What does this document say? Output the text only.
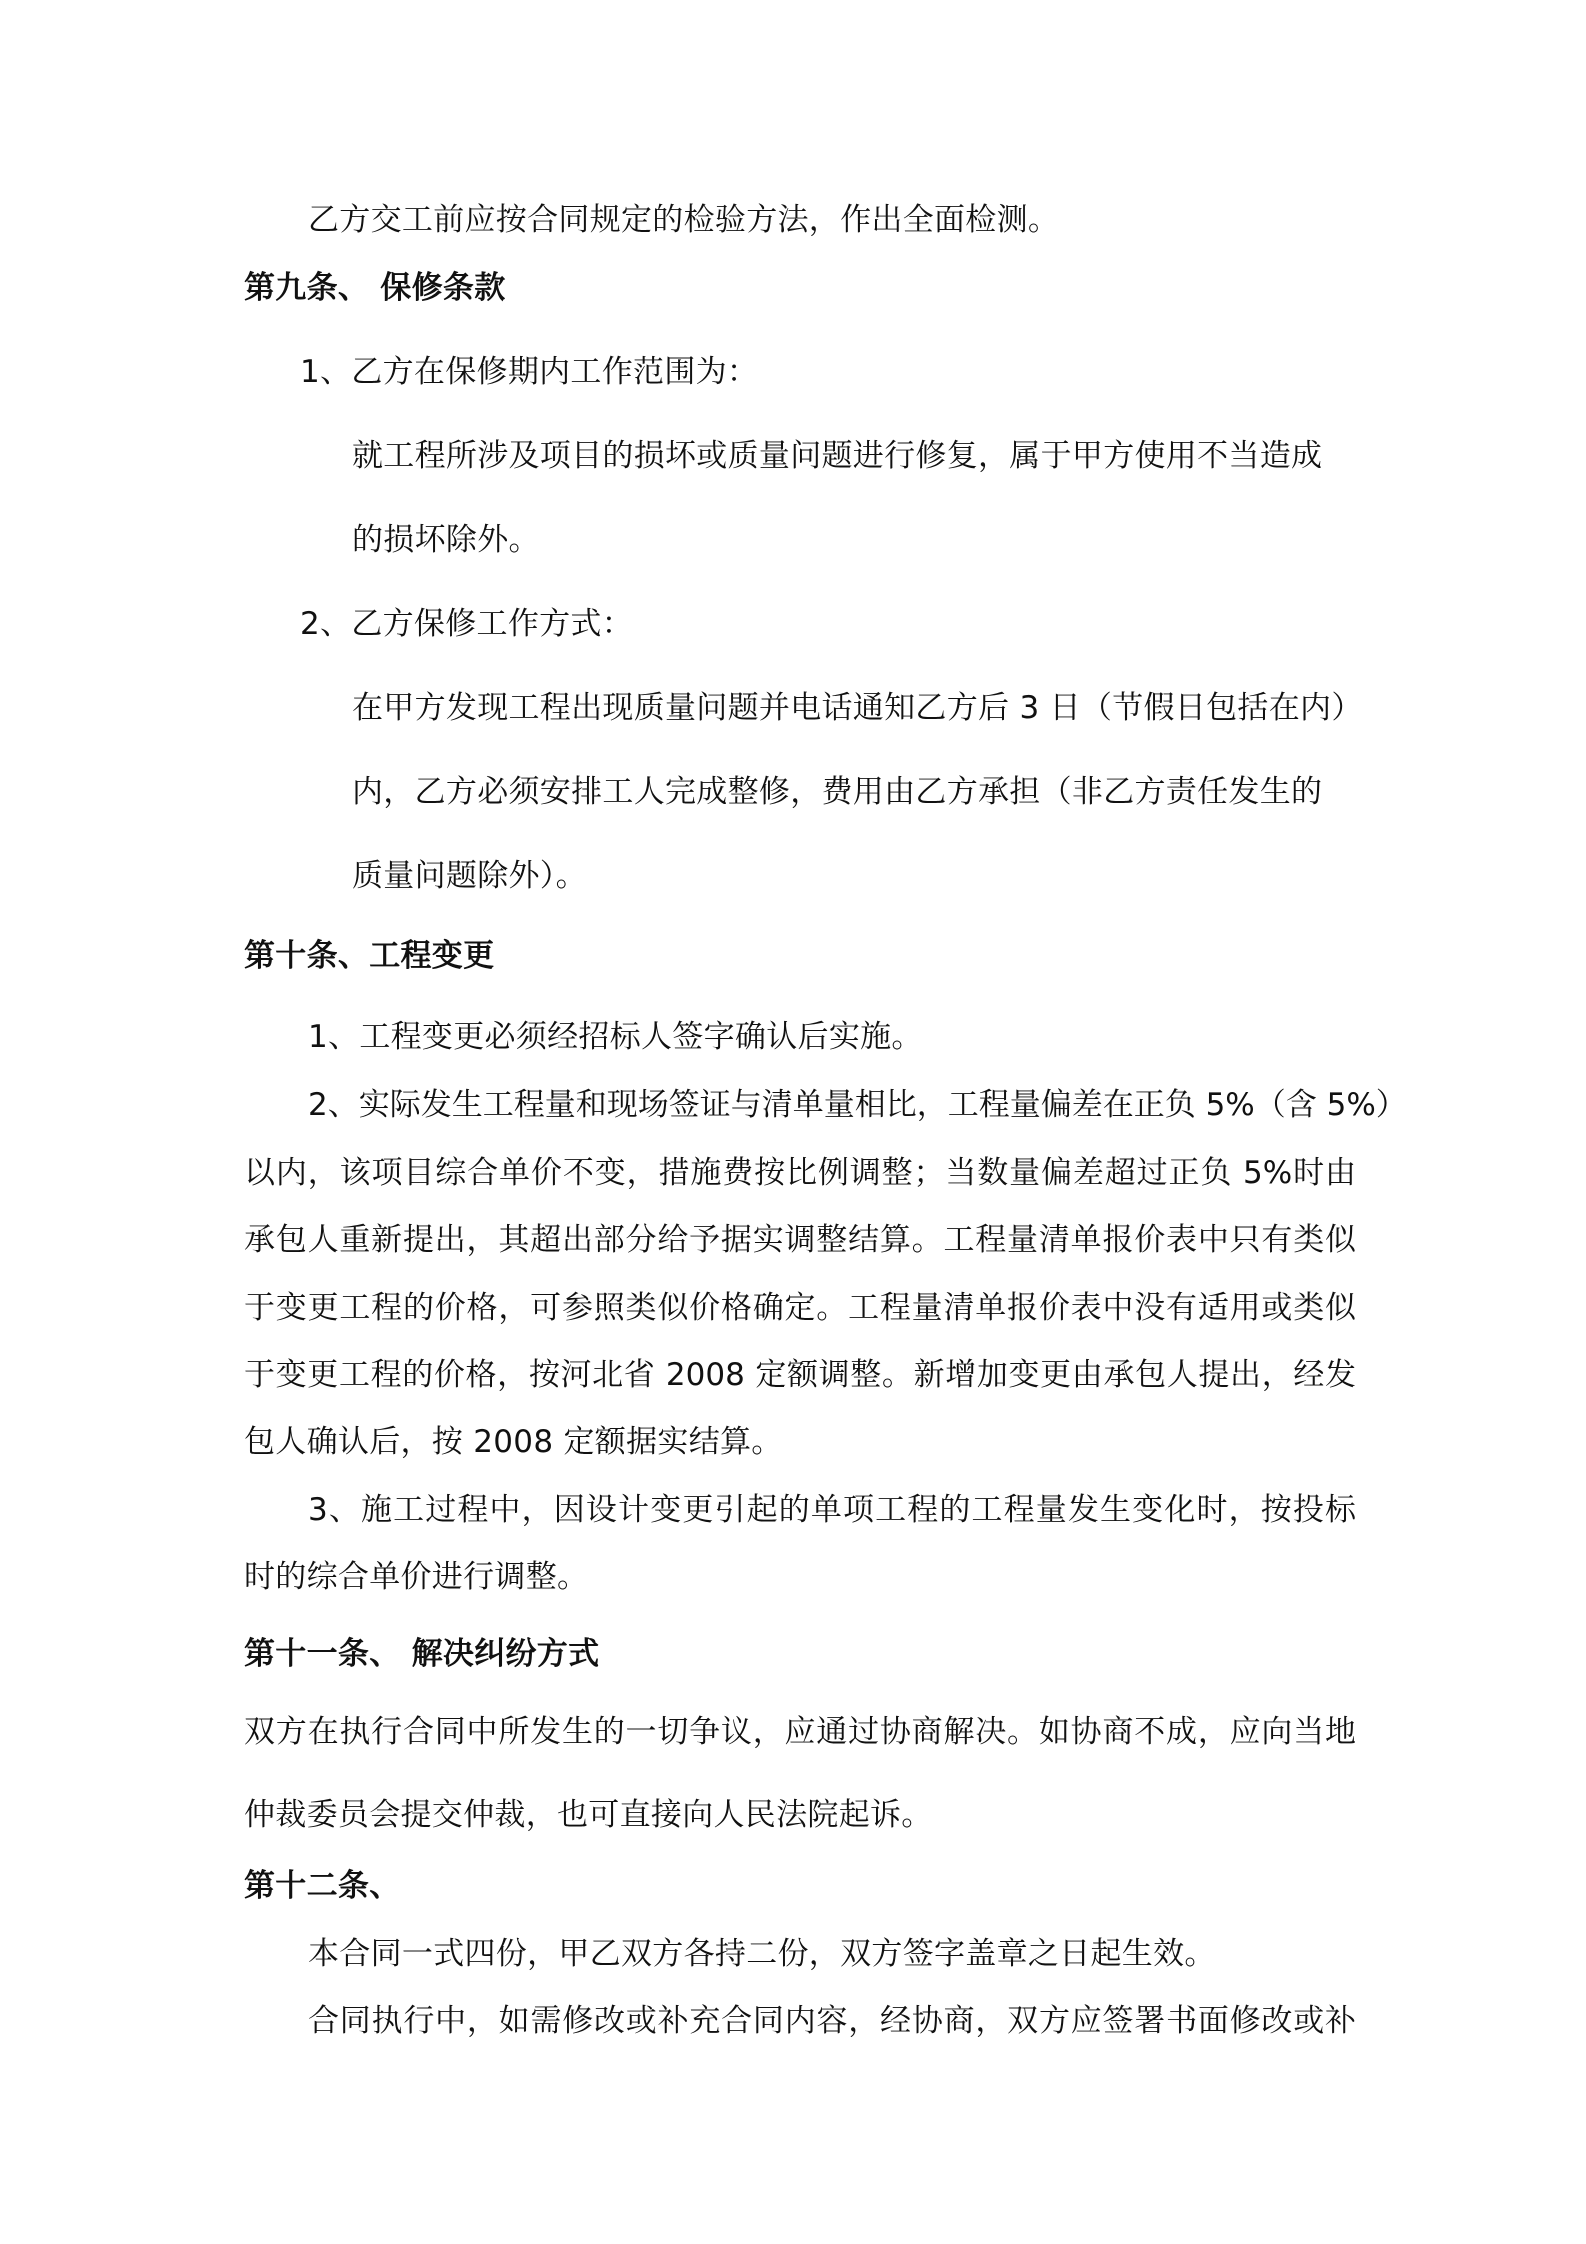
乙方交工前应按合同规定的检验方法，作出全面检测。
第九条、 保修条款
1、乙方在保修期内工作范围为：
就工程所涉及项目的损坏或质量问题进行修复，属于甲方使用不当造成
的损坏除外。
2、乙方保修工作方式：
在甲方发现工程出现质量问题并电话通知乙方后 3 日（节假日包括在内）
内，乙方必须安排工人完成整修，费用由乙方承担（非乙方责任发生的
质量问题除外）。
第十条、工程变更
1、工程变更必须经招标人签字确认后实施。
2、实际发生工程量和现场签证与清单量相比，工程量偏差在正负 5%（含 5%）
以内，该项目综合单价不变，措施费按比例调整；当数量偏差超过正负 5%时由
承包人重新提出，其超出部分给予据实调整结算。工程量清单报价表中只有类似
于变更工程的价格，可参照类似价格确定。工程量清单报价表中没有适用或类似
于变更工程的价格，按河北省 2008 定额调整。新增加变更由承包人提出，经发
包人确认后，按 2008 定额据实结算。
3、施工过程中，因设计变更引起的单项工程的工程量发生变化时，按投标
时的综合单价进行调整。
第十一条、 解决纠纷方式
双方在执行合同中所发生的一切争议，应通过协商解决。如协商不成，应向当地
仲裁委员会提交仲裁，也可直接向人民法院起诉。
第十二条、
本合同一式四份，甲乙双方各持二份，双方签字盖章之日起生效。
合同执行中，如需修改或补充合同内容，经协商，双方应签署书面修改或补
